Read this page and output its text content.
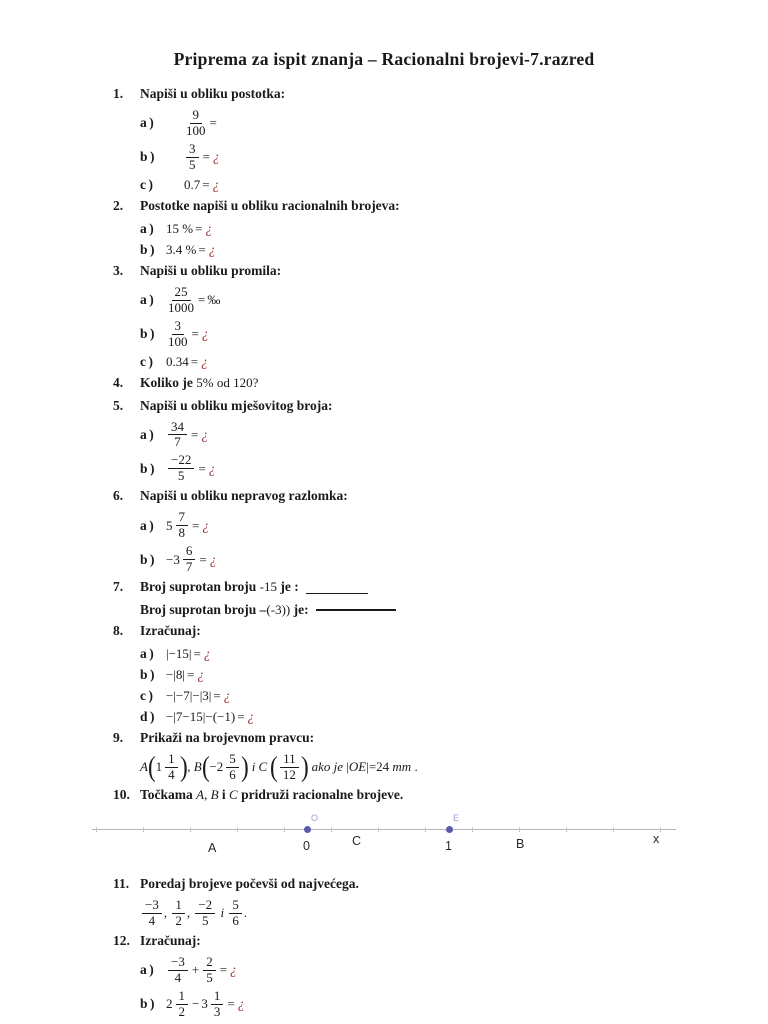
Priprema za ispit znanja – Racionalni brojevi-7.razred
1.	Napiši u obliku postotka:
a)	$\frac{9}{100}$ =
b)	$\frac{3}{5}$ = ¿
c)	0.7 = ¿
2.	Postotke napiši u obliku racionalnih brojeva:
a) 15 % = ¿
b) 3.4 % = ¿
3.	Napiši u obliku promila:
$a) \frac{25}{1000}$ = ‰
$b) \frac{3}{100}$ = ¿
c) 0.34 = ¿
4.	Koliko je 5% od 120?
5.	Napiši u obliku mješovitog broja:
$a) \frac{34}{7}$ = ¿
$b) \frac{-22}{5}$ = ¿
6.	Napiši u obliku nepravog razlomka:
a) $5 \frac{7}{8}$ = ¿
$b) -3 \frac{6}{7}$ = ¿
7.	Broj suprotan broju -15 je :
Broj suprotan broju – (-3)) je:
8.	Izračunaj:
a) |−15| = ¿
b) −|8| = ¿
c) −|−7|−|3| = ¿
d) −|7−15|−(−1) = ¿
9.	Prikaži na brojevnom pravcu:
A ( $1 \frac{1}{4}$ ) , B ( $-2 \frac{5}{6}$ ) i C ( $\frac{11}{12}$ ) ako je | OE |=24 mm .
10. Točkama A, B i C pridruži racionalne brojeve.
O
0
E
1
A	C	B	x
11. Poredaj brojeve počevši od najvećega.
$\frac{-3}{4}$ , $\frac{1}{2}$ , $\frac{-2}{5}$ i $\frac{5}{6}$ .
12. Izračunaj:
$a) \frac{-3}{4} + \frac{2}{5}$ = ¿
b) $2 \frac{1}{2} - 3 \frac{1}{3}$ = ¿
